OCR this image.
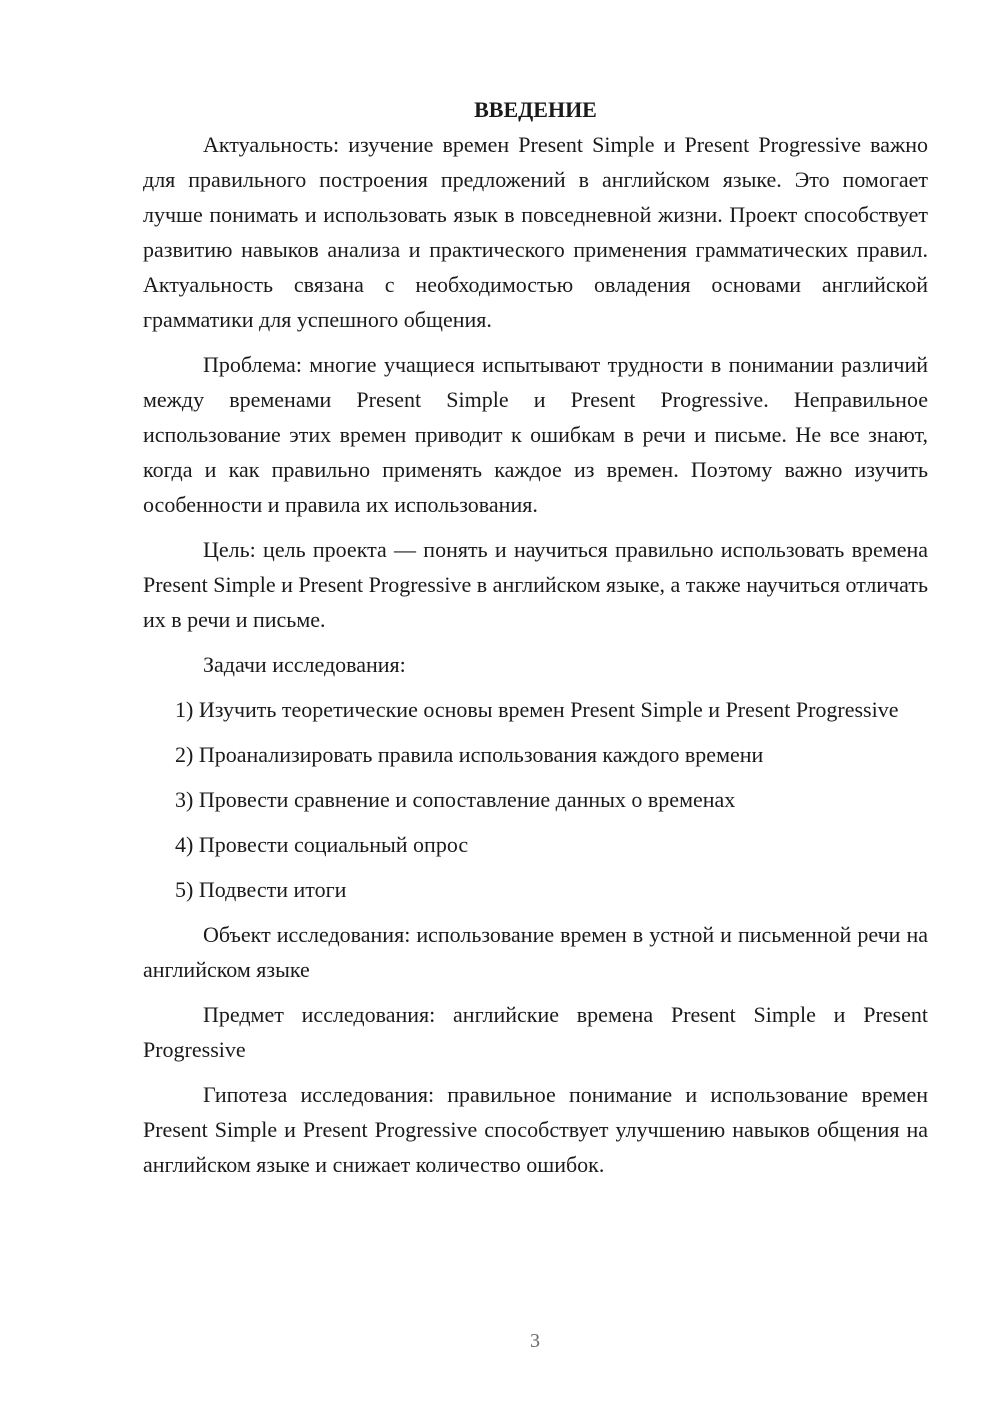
ВВЕДЕНИЕ

Актуальность: изучение времен Present Simple и Present Progressive важно для правильного построения предложений в английском языке. Это помогает лучше понимать и использовать язык в повседневной жизни. Проект способствует развитию навыков анализа и практического применения грамматических правил. Актуальность связана с необходимостью овладения основами английской грамматики для успешного общения.

Проблема: многие учащиеся испытывают трудности в понимании различий между временами Present Simple и Present Progressive. Неправильное использование этих времен приводит к ошибкам в речи и письме. Не все знают, когда и как правильно применять каждое из времен. Поэтому важно изучить особенности и правила их использования.

Цель: цель проекта — понять и научиться правильно использовать времена Present Simple и Present Progressive в английском языке, а также научиться отличать их в речи и письме.

Задачи исследования:

1) Изучить теоретические основы времен Present Simple и Present Progressive

2) Проанализировать правила использования каждого времени

3) Провести сравнение и сопоставление данных о временах

4) Провести социальный опрос

5) Подвести итоги

Объект исследования: использование времен в устной и письменной речи на английском языке

Предмет исследования: английские времена Present Simple и Present Progressive

Гипотеза исследования: правильное понимание и использование времен Present Simple и Present Progressive способствует улучшению навыков общения на английском языке и снижает количество ошибок.

3
